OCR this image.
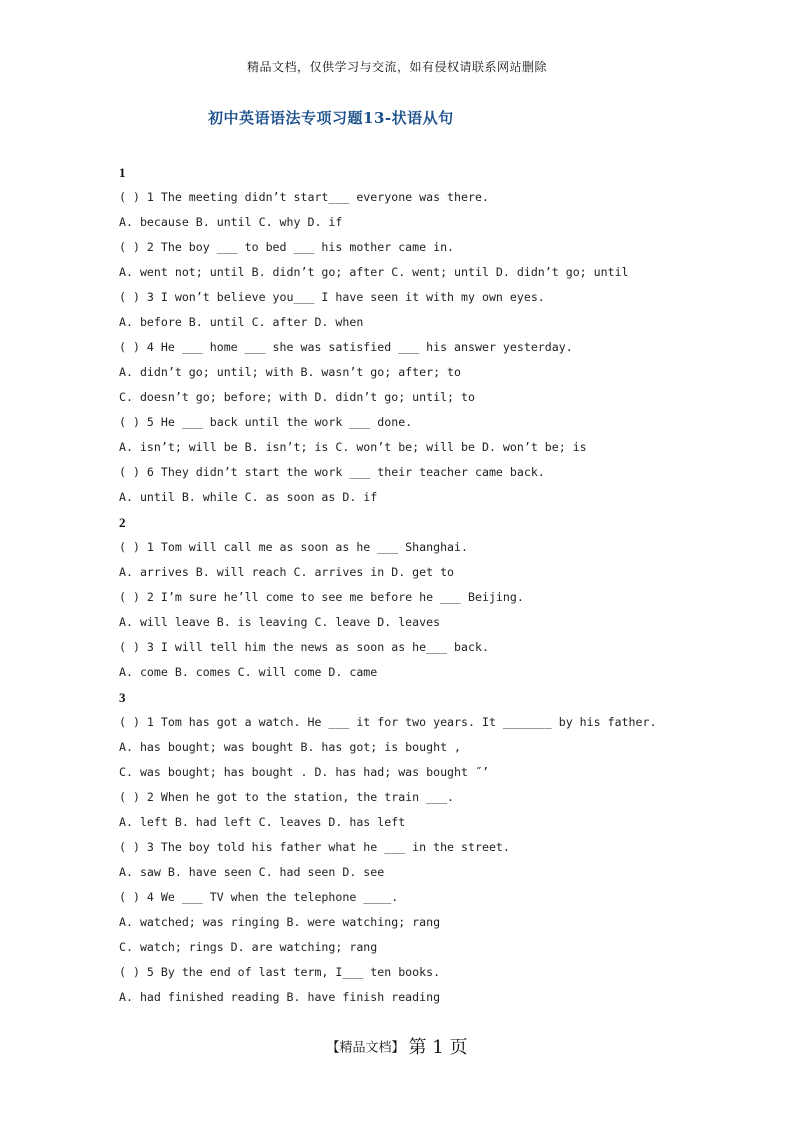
精品文档，仅供学习与交流，如有侵权请联系网站删除
初中英语语法专项习题13-状语从句
1
( ) 1 The meeting didn’t start___ everyone was there.
A. because B. until C. why D. if
( ) 2 The boy ___ to bed ___ his mother came in.
A. went not; until B. didn’t go; after C. went; until D. didn’t go; until
( ) 3 I won’t believe you___ I have seen it with my own eyes.
A. before B. until C. after D. when
( ) 4 He ___ home ___ she was satisfied ___ his answer yesterday.
A. didn’t go; until; with B. wasn’t go; after; to
C. doesn’t go; before; with D. didn’t go; until; to
( ) 5 He ___ back until the work ___ done.
A. isn’t; will be B. isn’t; is C. won’t be; will be D. won’t be; is
( ) 6 They didn’t start the work ___ their teacher came back.
A. until B. while C. as soon as D. if
2
( ) 1 Tom will call me as soon as he ___ Shanghai.
A. arrives B. will reach C. arrives in D. get to
( ) 2 I’m sure he’ll come to see me before he ___ Beijing.
A. will leave B. is leaving C. leave D. leaves
( ) 3 I will tell him the news as soon as he___ back.
A. come B. comes C. will come D. came
3
( ) 1 Tom has got a watch. He ___ it for two years. It _______ by his father.
A. has bought; was bought B. has got; is bought ,
C. was bought; has bought . D. has had; was bought ˝’
( ) 2 When he got to the station, the train ___.
A. left B. had left C. leaves D. has left
( ) 3 The boy told his father what he ___ in the street.
A. saw B. have seen C. had seen D. see
( ) 4 We ___ TV when the telephone ____.
A. watched; was ringing B. were watching; rang
C. watch; rings D. are watching; rang
( ) 5 By the end of last term, I___ ten books.
A. had finished reading B. have finish reading
【精品文档】 第 1 页
